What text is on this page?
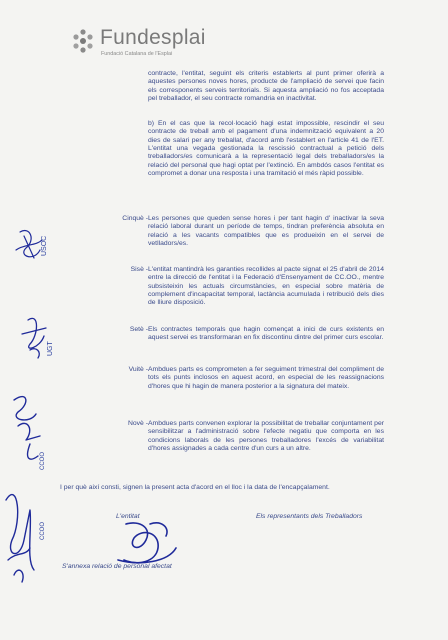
Fundesplai
Fundació Catalana de l'Esplai
contracte, l'entitat, seguint els criteris establerts al punt primer oferirà a aquestes persones noves hores, producte de l'ampliació de servei que facin els corresponents serveis territorials. Si aquesta ampliació no fos acceptada pel treballador, el seu contracte romandria en inactivitat.
b) En el cas que la recol·locació hagi estat impossible, rescindir el seu contracte de treball amb el pagament d'una indemnització equivalent a 20 dies de salari per any treballat, d'acord amb l'establert en l'article 41 de l'ET. L'entitat una vegada gestionada la rescissió contractual a petició dels treballadors/es comunicarà a la representació legal dels treballadors/es la relació del personal que hagi optat per l'extinció. En ambdós casos l'entitat es compromet a donar una resposta i una tramitació el més ràpid possible.
Cinquè - Les persones que queden sense hores i per tant hagin d' inactivar la seva relació laboral durant un període de temps, tindran preferència absoluta en relació a les vacants compatibles que es produeixin en el servei de vetlladors/es.
Sisè - L'entitat mantindrà les garanties recollides al pacte signat el 25 d'abril de 2014 entre la direcció de l'entitat i la Federació d'Ensenyament de CC.OO., mentre subsisteixin les actuals circumstàncies, en especial sobre matèria de complement d'incapacitat temporal, lactància acumulada i retribució dels dies de lliure disposició.
Setè - Els contractes temporals que hagin començat a inici de curs existents en aquest servei es transformaran en fix discontinu dintre del primer curs escolar.
Vuitè - Ambdues parts es comprometen a fer seguiment trimestral del compliment de tots els punts inclosos en aquest acord, en especial de les reassignacions d'hores que hi hagin de manera posterior a la signatura del mateix.
Novè - Ambdues parts convenen explorar la possibilitat de treballar conjuntament per sensibilitzar a l'administració sobre l'efecte negatiu que comporta en les condicions laborals de les persones treballadores l'excés de variabilitat d'hores assignades a cada centre d'un curs a un altre.
I per què així consti, signen la present acta d'acord en el lloc i la data de l'encapçalament.
L'entitat	Els representants dels Treballadors
S'annexa relació de personal afectat
USOC
UGT
CCOO
CCOO
